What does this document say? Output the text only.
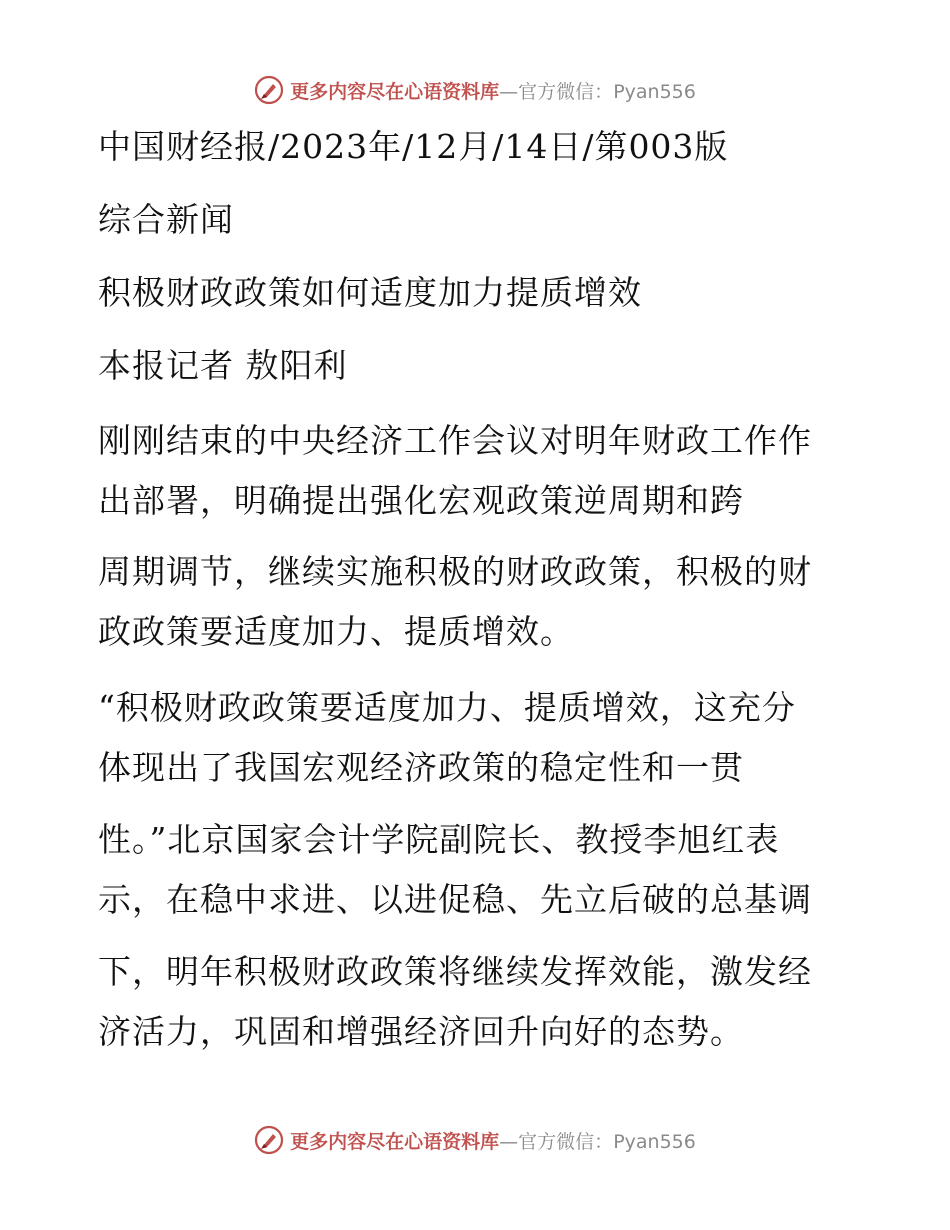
更多内容尽在心语资料库—官方微信：Pyan556
中国财经报/2023年/12月/14日/第003版
综合新闻
积极财政政策如何适度加力提质增效
本报记者 敖阳利
刚刚结束的中央经济工作会议对明年财政工作作
出部署，明确提出强化宏观政策逆周期和跨
周期调节，继续实施积极的财政政策，积极的财
政政策要适度加力、提质增效。
“积极财政政策要适度加力、提质增效，这充分
体现出了我国宏观经济政策的稳定性和一贯
性。”北京国家会计学院副院长、教授李旭红表
示，在稳中求进、以进促稳、先立后破的总基调
下，明年积极财政政策将继续发挥效能，激发经
济活力，巩固和增强经济回升向好的态势。
更多内容尽在心语资料库—官方微信：Pyan556
